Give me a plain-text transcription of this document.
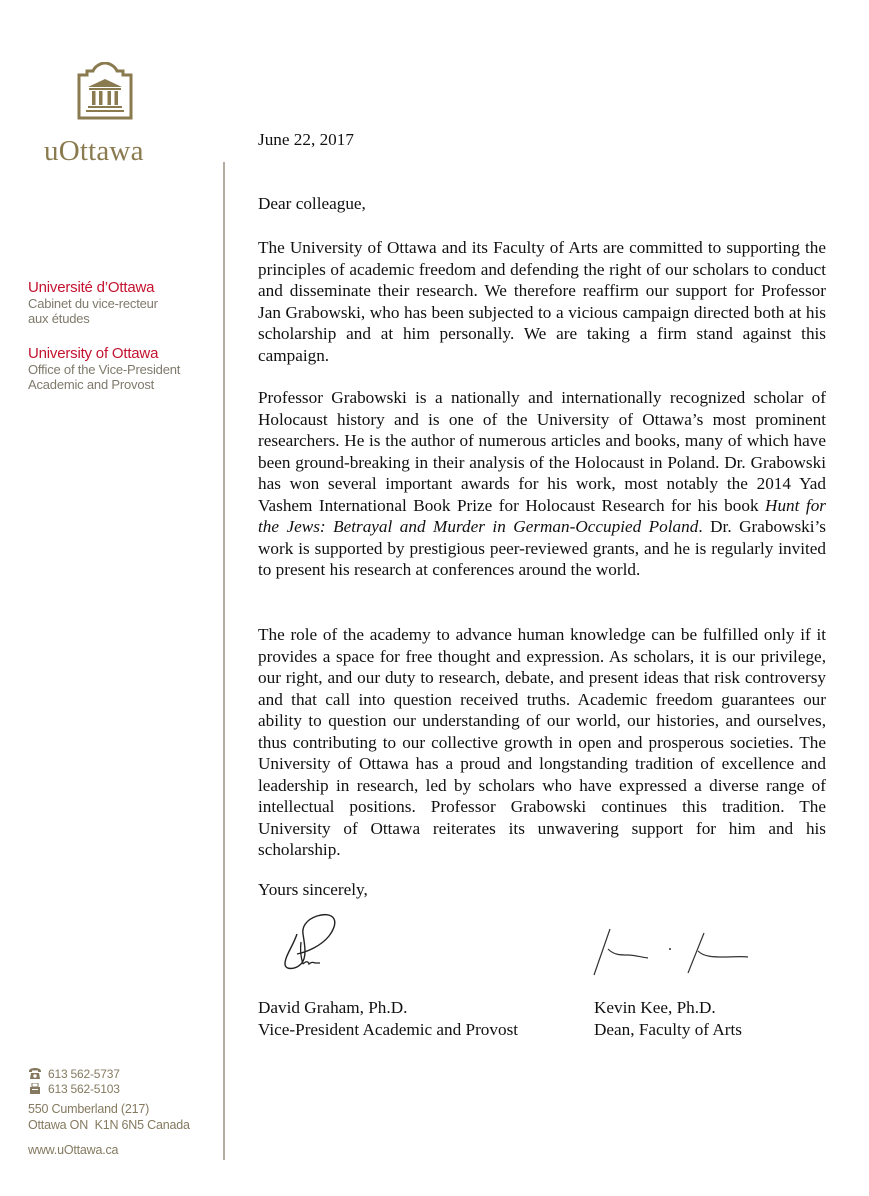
uOttawa
Université d’Ottawa
Cabinet du vice-recteur
aux études
University of Ottawa
Office of the Vice-President
Academic and Provost
613 562-5737
613 562-5103
550 Cumberland (217)
Ottawa ON  K1N 6N5 Canada
www.uOttawa.ca
June 22, 2017
Dear colleague,
The University of Ottawa and its Faculty of Arts are committed to supporting the principles of academic freedom and defending the right of our scholars to conduct and disseminate their research. We therefore reaffirm our support for Professor Jan Grabowski, who has been subjected to a vicious campaign directed both at his scholarship and at him personally. We are taking a firm stand against this campaign.
Professor Grabowski is a nationally and internationally recognized scholar of Holocaust history and is one of the University of Ottawa’s most prominent researchers. He is the author of numerous articles and books, many of which have been ground-breaking in their analysis of the Holocaust in Poland. Dr. Grabowski has won several important awards for his work, most notably the 2014 Yad Vashem International Book Prize for Holocaust Research for his book Hunt for the Jews: Betrayal and Murder in German-Occupied Poland. Dr. Grabowski’s work is supported by prestigious peer-reviewed grants, and he is regularly invited to present his research at conferences around the world.
The role of the academy to advance human knowledge can be fulfilled only if it provides a space for free thought and expression. As scholars, it is our privilege, our right, and our duty to research, debate, and present ideas that risk controversy and that call into question received truths. Academic freedom guarantees our ability to question our understanding of our world, our histories, and ourselves, thus contributing to our collective growth in open and prosperous societies. The University of Ottawa has a proud and longstanding tradition of excellence and leadership in research, led by scholars who have expressed a diverse range of intellectual positions. Professor Grabowski continues this tradition. The University of Ottawa reiterates its unwavering support for him and his scholarship.
Yours sincerely,
David Graham, Ph.D.
Vice-President Academic and Provost
Kevin Kee, Ph.D.
Dean, Faculty of Arts
